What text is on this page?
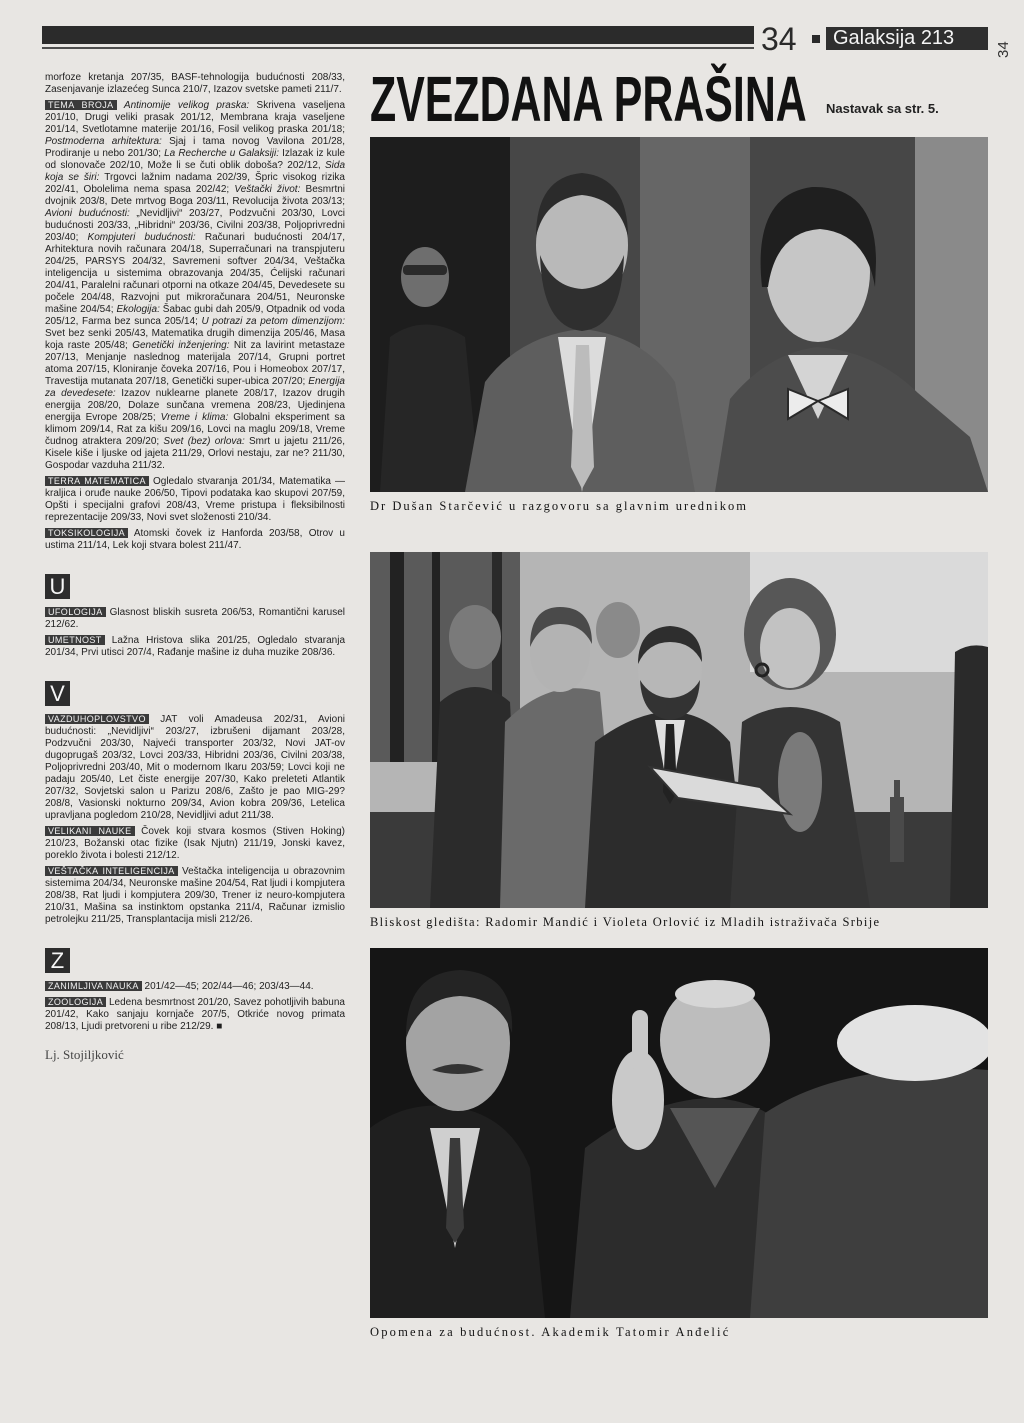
34 Galaksija 213
34
ZVEZDANA PRAŠINA Nastavak sa str. 5.

morfoze kretanja 207/35, BASF-tehnologija budućnosti 208/33, Zasenjavanje izlazećeg Sunca 210/7, Izazov svetske pameti 211/7.

TEMA BROJA Antinomije velikog praska: Skrivena vaseljena 201/10, Drugi veliki prasak 201/12, Membrana kraja vaseljene 201/14, Svetlotamne materije 201/16, Fosil velikog praska 201/18; Postmoderna arhitektura: Sjaj i tama novog Vavilona 201/28, Prodiranje u nebo 201/30; La Recherche u Galaksiji: Izlazak iz kule od slonovače 202/10, Može li se čuti oblik doboša? 202/12, Sida koja se širi: Trgovci lažnim nadama 202/39, Špric visokog rizika 202/41, Obolelima nema spasa 202/42; Veštački život: Besmrtni dvojnik 203/8, Dete mrtvog Boga 203/11, Revolucija života 203/13; Avioni budućnosti: „Nevidljivi“ 203/27, Podzvučni 203/30, Lovci budućnosti 203/33, „Hibridni“ 203/36, Civilni 203/38, Poljoprivredni 203/40; Kompjuteri budućnosti: Računari budućnosti 204/17, Arhitektura novih računara 204/18, Superračunari na transpjuteru 204/25, PARSYS 204/32, Savremeni softver 204/34, Veštačka inteligencija u sistemima obrazovanja 204/35, Ćelijski računari 204/41, Paralelni računari otporni na otkaze 204/45, Devedesete su počele 204/48, Razvojni put mikroračunara 204/51, Neuronske mašine 204/54; Ekologija: Šabac gubi dah 205/9, Otpadnik od voda 205/12, Farma bez sunca 205/14; U potrazi za petom dimenzijom: Svet bez senki 205/43, Matematika drugih dimenzija 205/46, Masa koja raste 205/48; Genetički inženjering: Nit za lavirint metastaze 207/13, Menjanje naslednog materijala 207/14, Grupni portret atoma 207/15, Kloniranje čoveka 207/16, Pou i Homeobox 207/17, Travestija mutanata 207/18, Genetički super-ubica 207/20; Energija za devedesete: Izazov nuklearne planete 208/17, Izazov drugih energija 208/20, Dolaze sunčana vremena 208/23, Ujedinjena energija Evrope 208/25; Vreme i klima: Globalni eksperiment sa klimom 209/14, Rat za kišu 209/16, Lovci na maglu 209/18, Vreme čudnog atraktera 209/20; Svet (bez) orlova: Smrt u jajetu 211/26, Kisele kiše i ljuske od jajeta 211/29, Orlovi nestaju, zar ne? 211/30, Gospodar vazduha 211/32.

TERRA MATEMATICA Ogledalo stvaranja 201/34, Matematika — kraljica i oruđe nauke 206/50, Tipovi podataka kao skupovi 207/59, Opšti i specijalni grafovi 208/43, Vreme pristupa i fleksibilnosti reprezentacije 209/33, Novi svet složenosti 210/34.

TOKSIKOLOGIJA Atomski čovek iz Hanforda 203/58, Otrov u ustima 211/14, Lek koji stvara bolest 211/47.

U

UFOLOGIJA Glasnost bliskih susreta 206/53, Romantični karusel 212/62.

UMETNOST Lažna Hristova slika 201/25, Ogledalo stvaranja 201/34, Prvi utisci 207/4, Rađanje mašine iz duha muzike 208/36.

V

VAZDUHOPLOVSTVO JAT voli Amadeusa 202/31, Avioni budućnosti: „Nevidljivi“ 203/27, izbrušeni dijamant 203/28, Podzvučni 203/30, Najveći transporter 203/32, Novi JAT-ov dugoprugaš 203/32, Lovci 203/33, Hibridni 203/36, Civilni 203/38, Poljoprivredni 203/40, Mit o modernom Ikaru 203/59; Lovci koji ne padaju 205/40, Let čiste energije 207/30, Kako preleteti Atlantik 207/32, Sovjetski salon u Parizu 208/6, Zašto je pao MIG-29? 208/8, Vasionski nokturno 209/34, Avion kobra 209/36, Letelica upravljana pogledom 210/28, Nevidljivi adut 211/38.

VELIKANI NAUKE Čovek koji stvara kosmos (Stiven Hoking) 210/23, Božanski otac fizike (Isak Njutn) 211/19, Jonski kavez, poreklo života i bolesti 212/12.

VEŠTAČKA INTELIGENCIJA Veštačka inteligencija u obrazovnim sistemima 204/34, Neuronske mašine 204/54, Rat ljudi i kompjutera 208/38, Rat ljudi i kompjutera 209/30, Trener iz neuro-kompjutera 210/31, Mašina sa instinktom opstanka 211/4, Računar izmislio petrolejku 211/25, Transplantacija misli 212/26.

Z

ZANIMLJIVA NAUKA 201/42—45; 202/44—46; 203/43—44.

ZOOLOGIJA Ledena besmrtnost 201/20, Savez pohotljivih babuna 201/42, Kako sanjaju kornjače 207/5, Otkriće novog primata 208/13, Ljudi pretvoreni u ribe 212/29. ■

Lj. Stojiljković
Dr Dušan Starčević u razgovoru sa glavnim urednikom
Bliskost gledišta: Radomir Mandić i Violeta Orlović iz Mladih istraživača Srbije
Opomena za budućnost. Akademik Tatomir Anđelić
